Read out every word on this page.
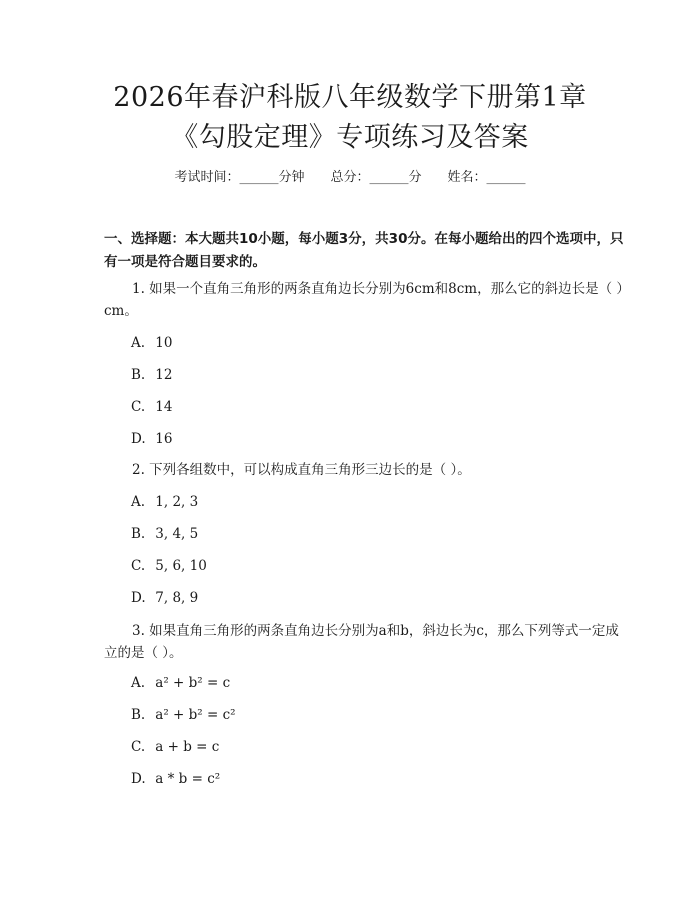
2026年春沪科版八年级数学下册第1章《勾股定理》专项练习及答案
考试时间：______分钟 总分：______分 姓名：______

一、选择题：本大题共10小题，每小题3分，共30分。在每小题给出的四个选项中，只有一项是符合题目要求的。

1. 如果一个直角三角形的两条直角边长分别为6cm和8cm，那么它的斜边长是（ ）cm。
A. 10
B. 12
C. 14
D. 16
2. 下列各组数中，可以构成直角三角形三边长的是（ ）。
A. 1, 2, 3
B. 3, 4, 5
C. 5, 6, 10
D. 7, 8, 9
3. 如果直角三角形的两条直角边长分别为a和b，斜边长为c，那么下列等式一定成立的是（ ）。
A. a² + b² = c
B. a² + b² = c²
C. a + b = c
D. a * b = c²
